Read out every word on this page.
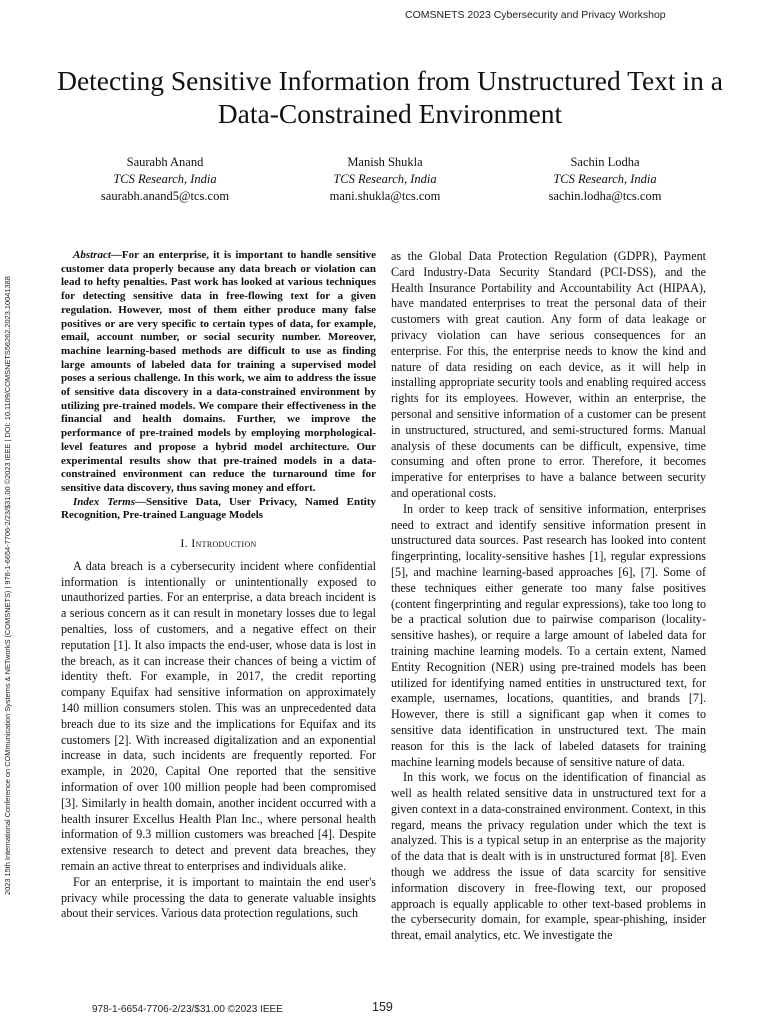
COMSNETS 2023 Cybersecurity and Privacy Workshop
2023 15th International Conference on COMmunication Systems & NETworkS (COMSNETS) | 978-1-6654-7706-2/23/$31.00 ©2023 IEEE | DOI: 10.1109/COMSNETS56262.2023.10041388
Detecting Sensitive Information from Unstructured Text in a Data-Constrained Environment
Saurabh Anand
TCS Research, India
saurabh.anand5@tcs.com
Manish Shukla
TCS Research, India
mani.shukla@tcs.com
Sachin Lodha
TCS Research, India
sachin.lodha@tcs.com

Abstract—For an enterprise, it is important to handle sensitive customer data properly because any data breach or violation can lead to hefty penalties. Past work has looked at various techniques for detecting sensitive data in free-flowing text for a given regulation. However, most of them either produce many false positives or are very specific to certain types of data, for example, email, account number, or social security number. Moreover, machine learning-based methods are difficult to use as finding large amounts of labeled data for training a supervised model poses a serious challenge. In this work, we aim to address the issue of sensitive data discovery in a data-constrained environment by utilizing pre-trained models. We compare their effectiveness in the financial and health domains. Further, we improve the performance of pre-trained models by employing morphological-level features and propose a hybrid model architecture. Our experimental results show that pre-trained models in a data-constrained environment can reduce the turnaround time for sensitive data discovery, thus saving money and effort.

Index Terms—Sensitive Data, User Privacy, Named Entity Recognition, Pre-trained Language Models

I. Introduction

A data breach is a cybersecurity incident where confidential information is intentionally or unintentionally exposed to unauthorized parties. For an enterprise, a data breach incident is a serious concern as it can result in monetary losses due to legal penalties, loss of customers, and a negative effect on their reputation [1]. It also impacts the end-user, whose data is lost in the breach, as it can increase their chances of being a victim of identity theft. For example, in 2017, the credit reporting company Equifax had sensitive information on approximately 140 million consumers stolen. This was an unprecedented data breach due to its size and the implications for Equifax and its customers [2]. With increased digitalization and an exponential increase in data, such incidents are frequently reported. For example, in 2020, Capital One reported that the sensitive information of over 100 million people had been compromised [3]. Similarly in health domain, another incident occurred with a health insurer Excellus Health Plan Inc., where personal health information of 9.3 million customers was breached [4]. Despite extensive research to detect and prevent data breaches, they remain an active threat to enterprises and individuals alike.

For an enterprise, it is important to maintain the end user's privacy while processing the data to generate valuable insights about their services. Various data protection regulations, such

as the Global Data Protection Regulation (GDPR), Payment Card Industry-Data Security Standard (PCI-DSS), and the Health Insurance Portability and Accountability Act (HIPAA), have mandated enterprises to treat the personal data of their customers with great caution. Any form of data leakage or privacy violation can have serious consequences for an enterprise. For this, the enterprise needs to know the kind and nature of data residing on each device, as it will help in installing appropriate security tools and enabling required access rights for its employees. However, within an enterprise, the personal and sensitive information of a customer can be present in unstructured, structured, and semi-structured forms. Manual analysis of these documents can be difficult, expensive, time consuming and often prone to error. Therefore, it becomes imperative for enterprises to have a balance between security and operational costs.

In order to keep track of sensitive information, enterprises need to extract and identify sensitive information present in unstructured data sources. Past research has looked into content fingerprinting, locality-sensitive hashes [1], regular expressions [5], and machine learning-based approaches [6], [7]. Some of these techniques either generate too many false positives (content fingerprinting and regular expressions), take too long to be a practical solution due to pairwise comparison (locality-sensitive hashes), or require a large amount of labeled data for training machine learning models. To a certain extent, Named Entity Recognition (NER) using pre-trained models has been utilized for identifying named entities in unstructured text, for example, usernames, locations, quantities, and brands [7]. However, there is still a significant gap when it comes to sensitive data identification in unstructured text. The main reason for this is the lack of labeled datasets for training machine learning models because of sensitive nature of data.

In this work, we focus on the identification of financial as well as health related sensitive data in unstructured text for a given context in a data-constrained environment. Context, in this regard, means the privacy regulation under which the text is analyzed. This is a typical setup in an enterprise as the majority of the data that is dealt with is in unstructured format [8]. Even though we address the issue of data scarcity for sensitive information discovery in free-flowing text, our proposed approach is equally applicable to other text-based problems in the cybersecurity domain, for example, spear-phishing, insider threat, email analytics, etc. We investigate the

978-1-6654-7706-2/23/$31.00 ©2023 IEEE	159
